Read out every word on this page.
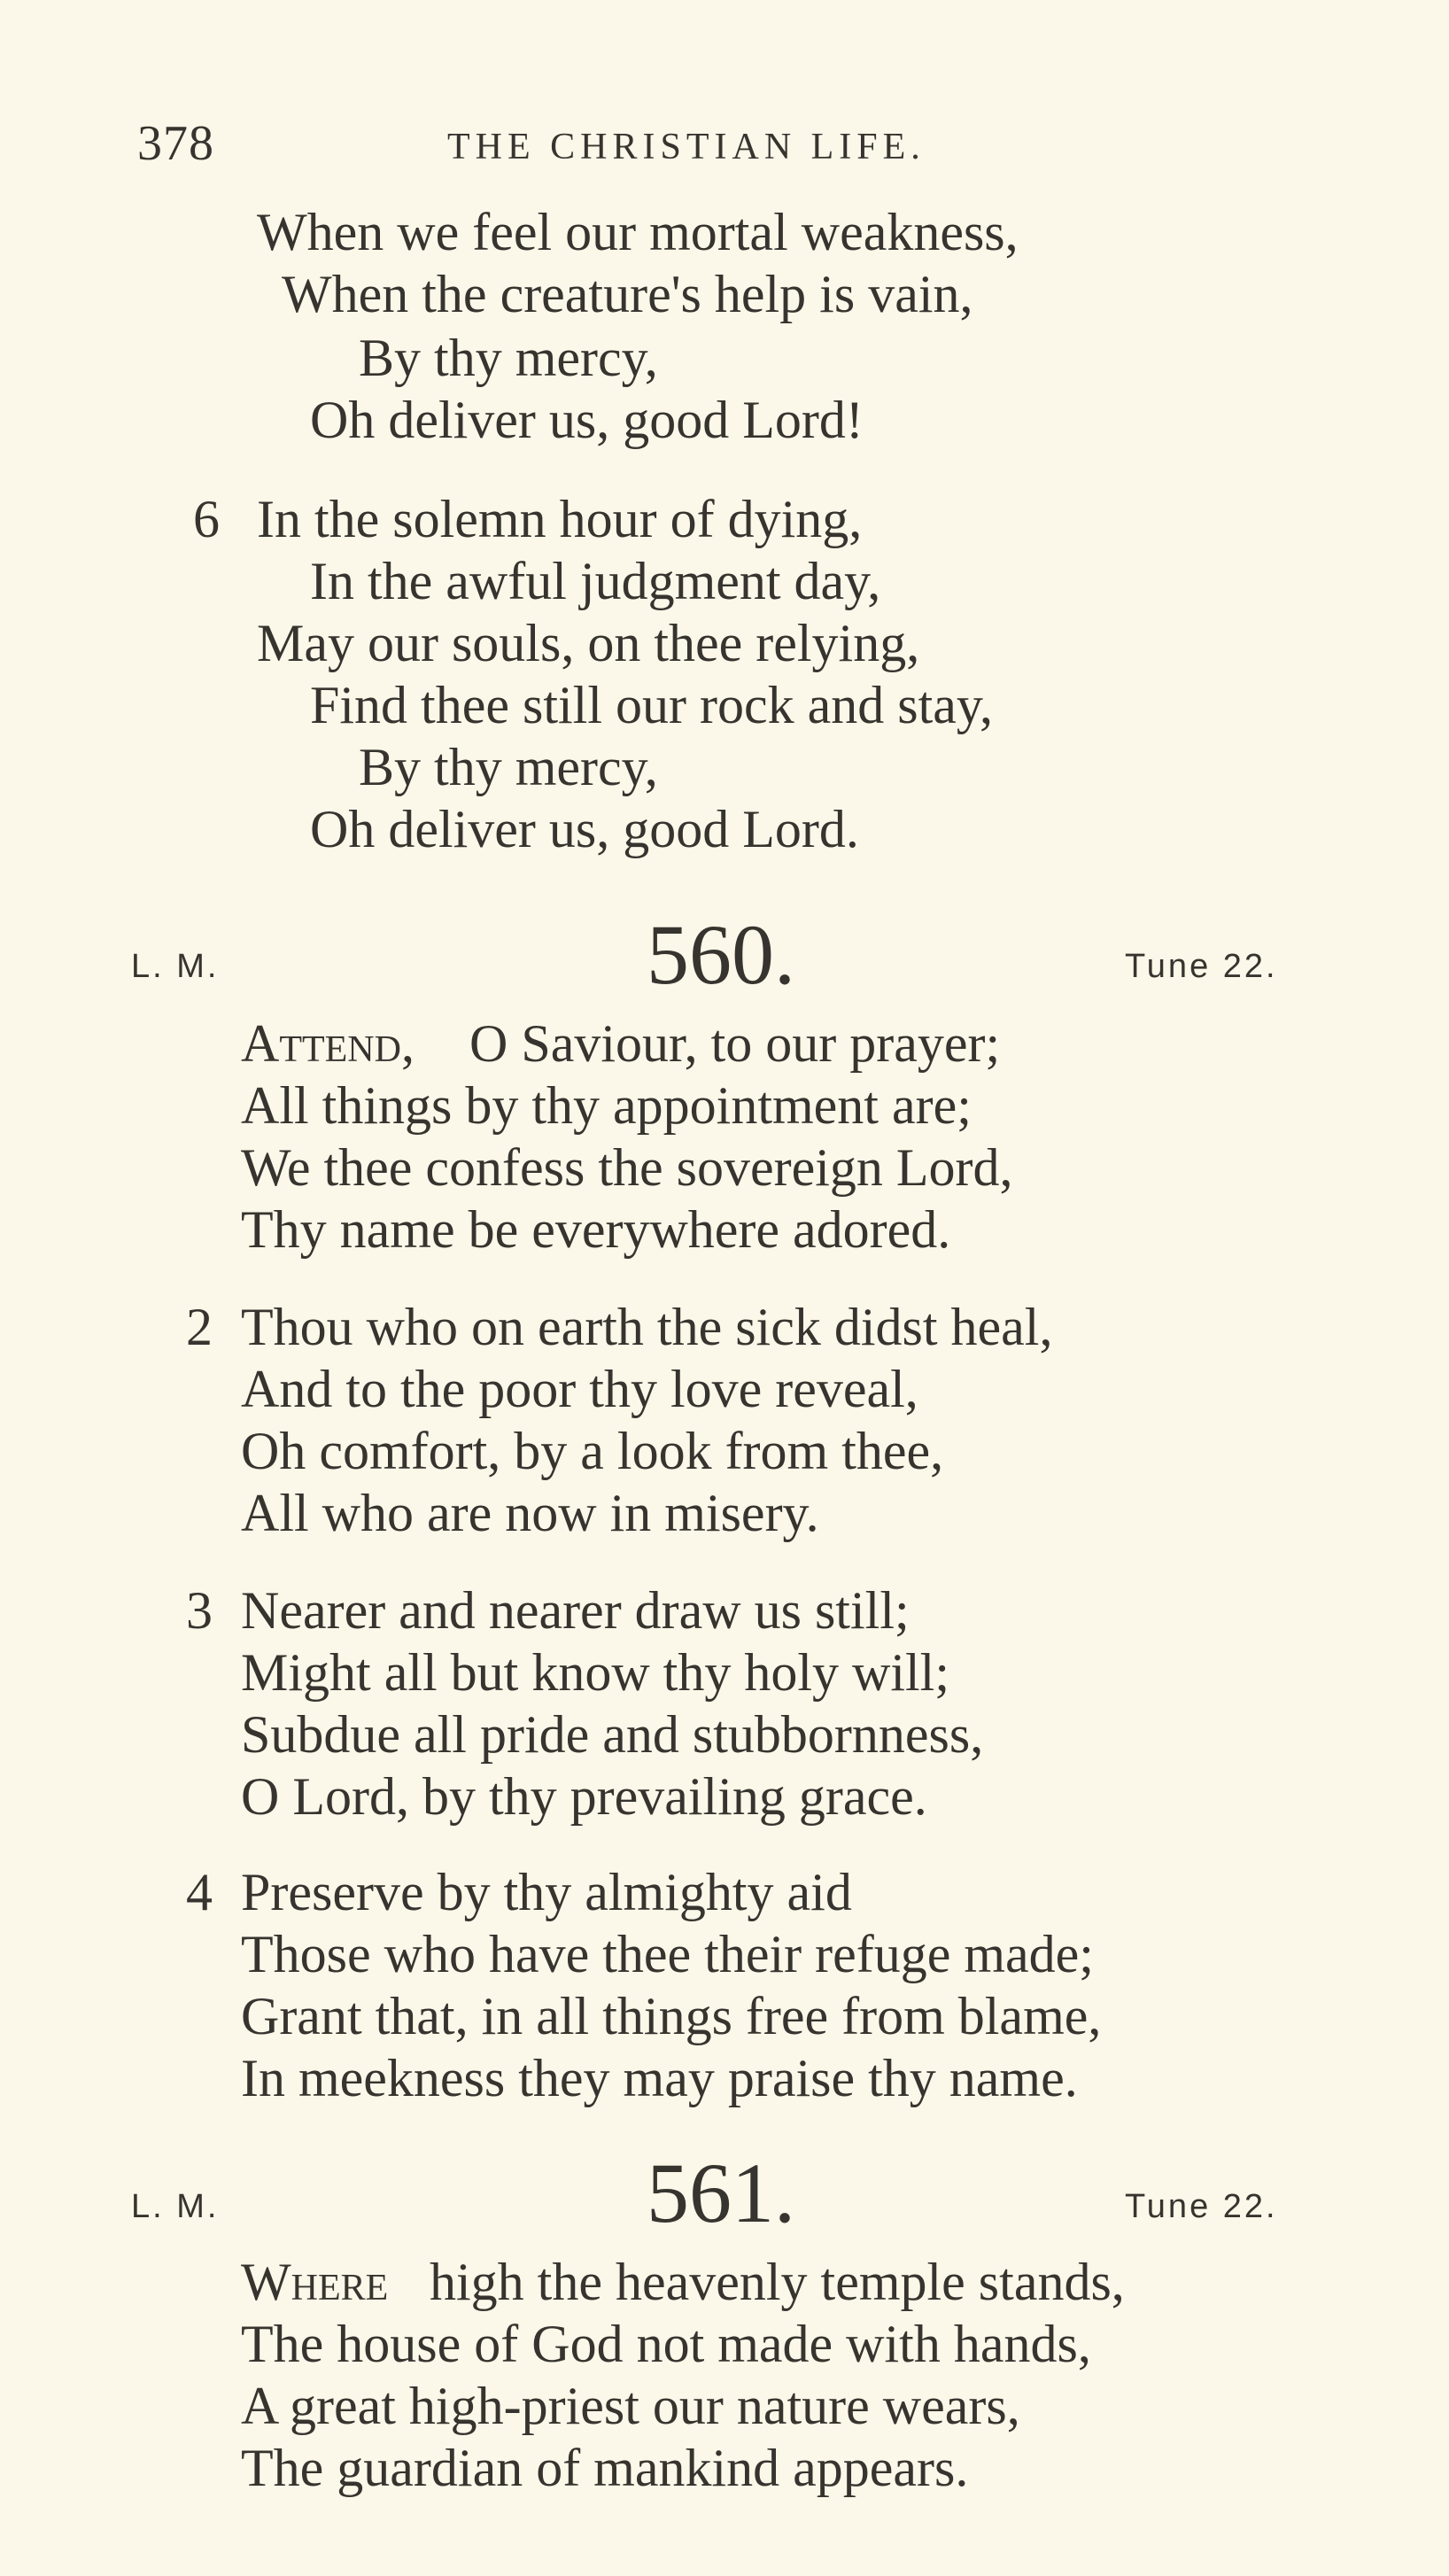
378	THE CHRISTIAN LIFE.
When we feel our mortal weakness,
When the creature's help is vain,
By thy mercy,
Oh deliver us, good Lord!
6 In the solemn hour of dying,
In the awful judgment day,
May our souls, on thee relying,
Find thee still our rock and stay,
By thy mercy,
Oh deliver us, good Lord.
L. M.	560.	Tune 22.
Attend, O Saviour, to our prayer;
All things by thy appointment are;
We thee confess the sovereign Lord,
Thy name be everywhere adored.
2 Thou who on earth the sick didst heal,
And to the poor thy love reveal,
Oh comfort, by a look from thee,
All who are now in misery.
3 Nearer and nearer draw us still;
Might all but know thy holy will;
Subdue all pride and stubbornness,
O Lord, by thy prevailing grace.
4 Preserve by thy almighty aid
Those who have thee their refuge made;
Grant that, in all things free from blame,
In meekness they may praise thy name.
L. M.	561.	Tune 22.
Where high the heavenly temple stands,
The house of God not made with hands,
A great high-priest our nature wears,
The guardian of mankind appears.
